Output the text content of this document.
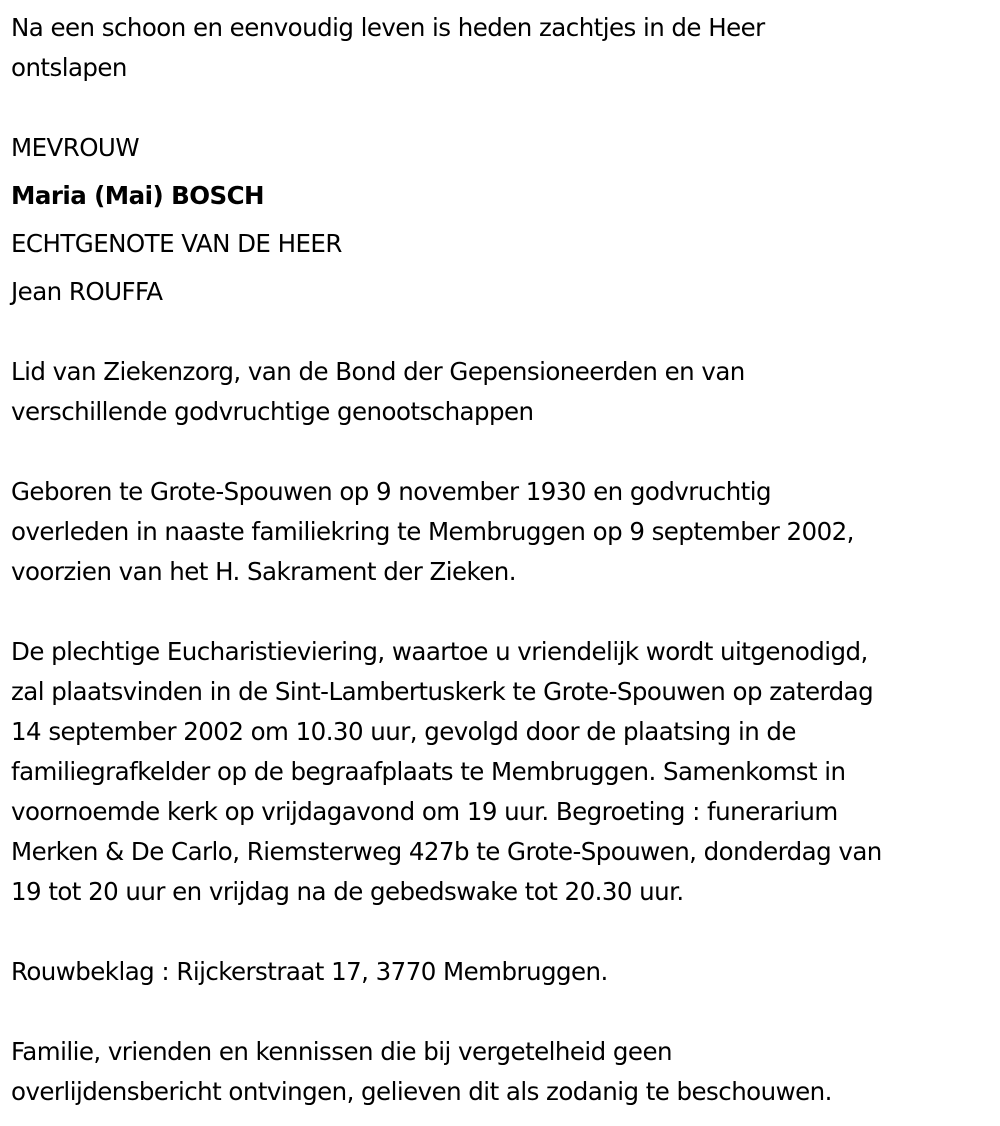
Na een schoon en eenvoudig leven is heden zachtjes in de Heer
ontslapen
MEVROUW
Maria (Mai) BOSCH
ECHTGENOTE VAN DE HEER
Jean ROUFFA
Lid van Ziekenzorg, van de Bond der Gepensioneerden en van
verschillende godvruchtige genootschappen
Geboren te Grote-Spouwen op 9 november 1930 en godvruchtig
overleden in naaste familiekring te Membruggen op 9 september 2002,
voorzien van het H. Sakrament der Zieken.
De plechtige Eucharistieviering, waartoe u vriendelijk wordt uitgenodigd,
zal plaatsvinden in de Sint-Lambertuskerk te Grote-Spouwen op zaterdag
14 september 2002 om 10.30 uur, gevolgd door de plaatsing in de
familiegrafkelder op de begraafplaats te Membruggen. Samenkomst in
voornoemde kerk op vrijdagavond om 19 uur. Begroeting : funerarium
Merken & De Carlo, Riemsterweg 427b te Grote-Spouwen, donderdag van
19 tot 20 uur en vrijdag na de gebedswake tot 20.30 uur.
Rouwbeklag : Rijckerstraat 17, 3770 Membruggen.
Familie, vrienden en kennissen die bij vergetelheid geen
overlijdensbericht ontvingen, gelieven dit als zodanig te beschouwen.
